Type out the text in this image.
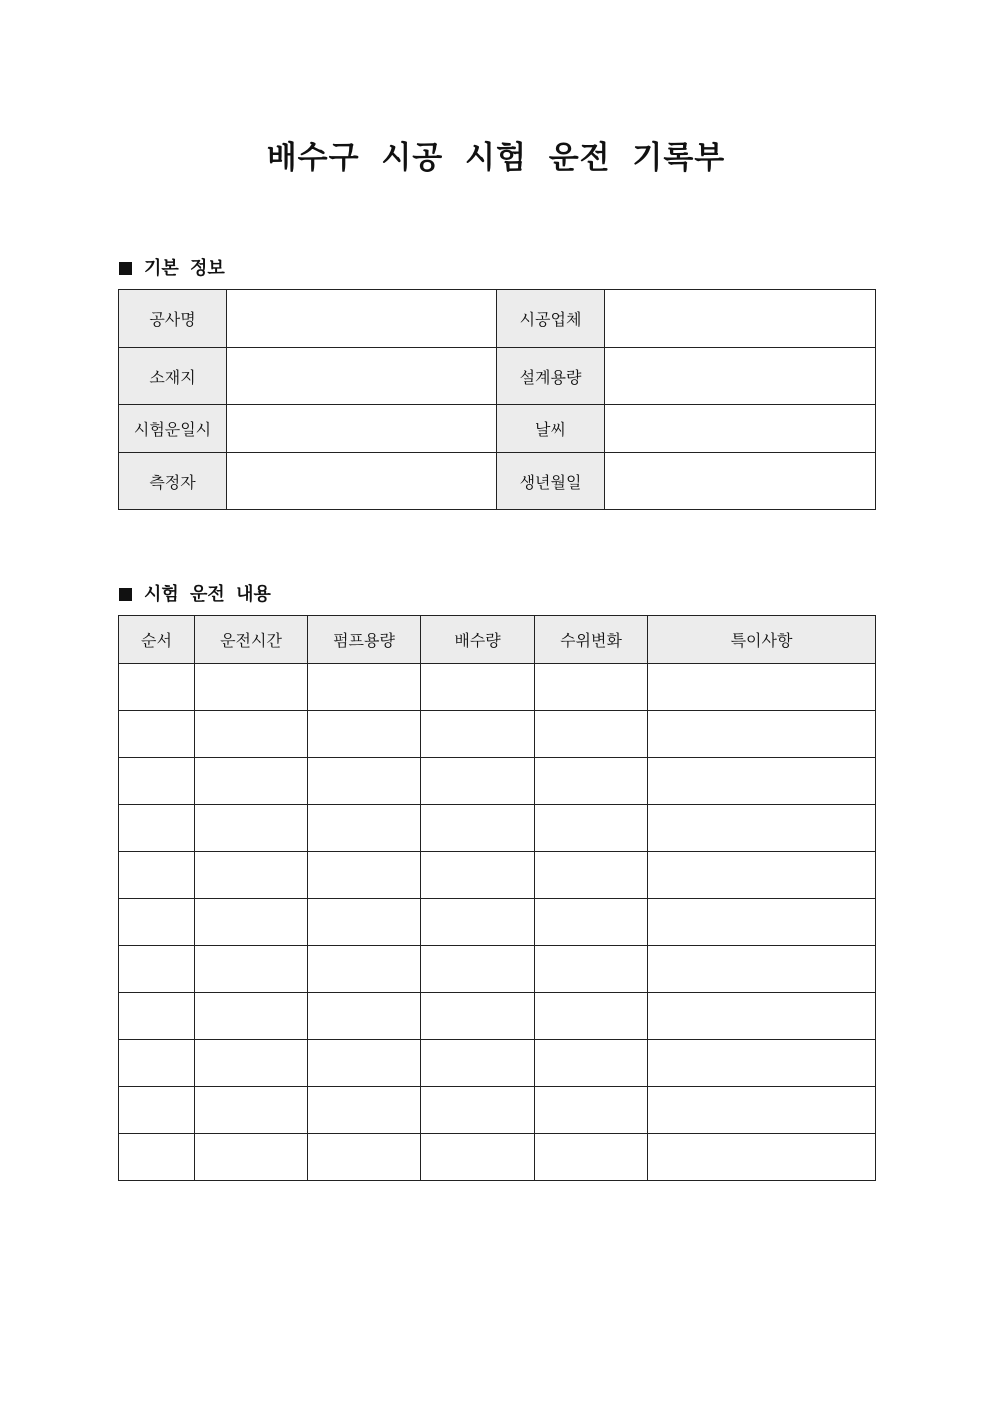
배수구 시공 시험 운전 기록부
기본 정보
공사명		시공업체	
소재지		설계용량	
시험운일시		날씨	
측정자		생년월일	
시험 운전 내용
순서	운전시간	펌프용량	배수량	수위변화	특이사항
